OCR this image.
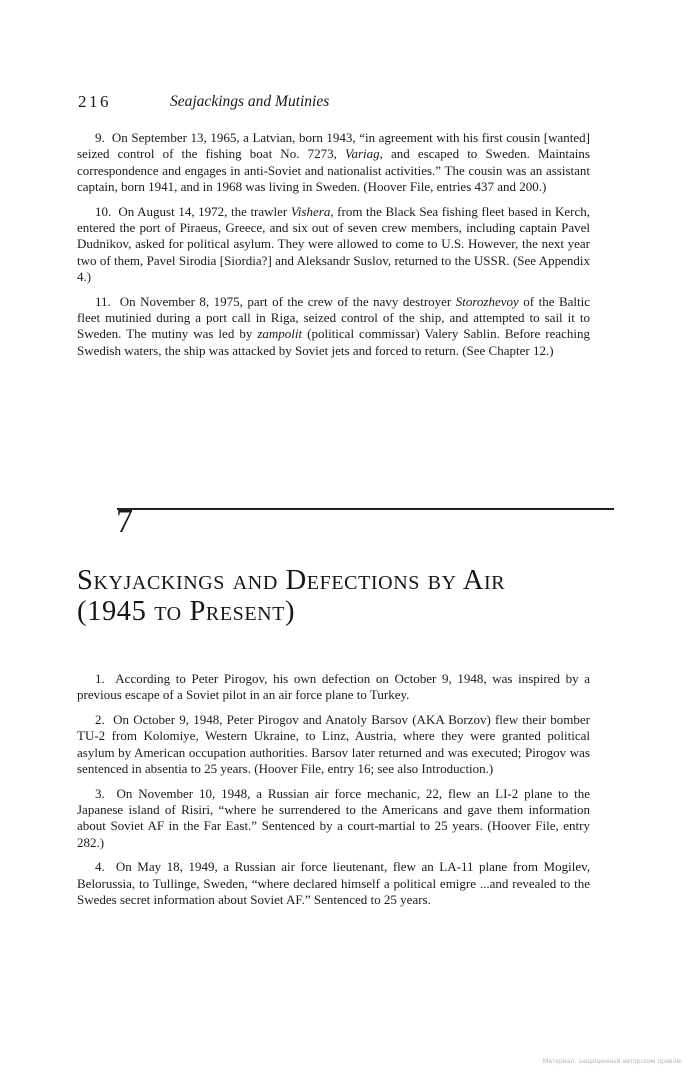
216	Seajackings and Mutinies

9.  On September 13, 1965, a Latvian, born 1943, “in agreement with his first cousin [wanted] seized control of the fishing boat No. 7273, Variag, and escaped to Sweden. Maintains correspondence and engages in anti-Soviet and nationalist activities.” The cousin was an assistant captain, born 1941, and in 1968 was living in Sweden. (Hoover File, entries 437 and 200.)

10.  On August 14, 1972, the trawler Vishera, from the Black Sea fishing fleet based in Kerch, entered the port of Piraeus, Greece, and six out of seven crew members, including captain Pavel Dudnikov, asked for political asylum. They were allowed to come to U.S. However, the next year two of them, Pavel Sirodia [Siordia?] and Aleksandr Suslov, returned to the USSR. (See Appendix 4.)

11.  On November 8, 1975, part of the crew of the navy destroyer Storozhevoy of the Baltic fleet mutinied during a port call in Riga, seized control of the ship, and attempted to sail it to Sweden. The mutiny was led by zampolit (political commissar) Valery Sablin. Before reaching Swedish waters, the ship was attacked by Soviet jets and forced to return. (See Chapter 12.)

7
Skyjackings and Defections by Air
(1945 to Present)

1.  According to Peter Pirogov, his own defection on October 9, 1948, was inspired by a previous escape of a Soviet pilot in an air force plane to Turkey.

2.  On October 9, 1948, Peter Pirogov and Anatoly Barsov (AKA Borzov) flew their bomber TU-2 from Kolomiye, Western Ukraine, to Linz, Austria, where they were granted political asylum by American occupation authorities. Barsov later returned and was executed; Pirogov was sentenced in absentia to 25 years. (Hoover File, entry 16; see also Introduction.)

3.  On November 10, 1948, a Russian air force mechanic, 22, flew an LI-2 plane to the Japanese island of Risiri, “where he surrendered to the Americans and gave them information about Soviet AF in the Far East.” Sentenced by a court-martial to 25 years. (Hoover File, entry 282.)

4.  On May 18, 1949, a Russian air force lieutenant, flew an LA-11 plane from Mogilev, Belorussia, to Tullinge, Sweden, “where declared himself a political emigre ...and revealed to the Swedes secret information about Soviet AF.” Sentenced to 25 years.

Материал, защищенный авторским правом
